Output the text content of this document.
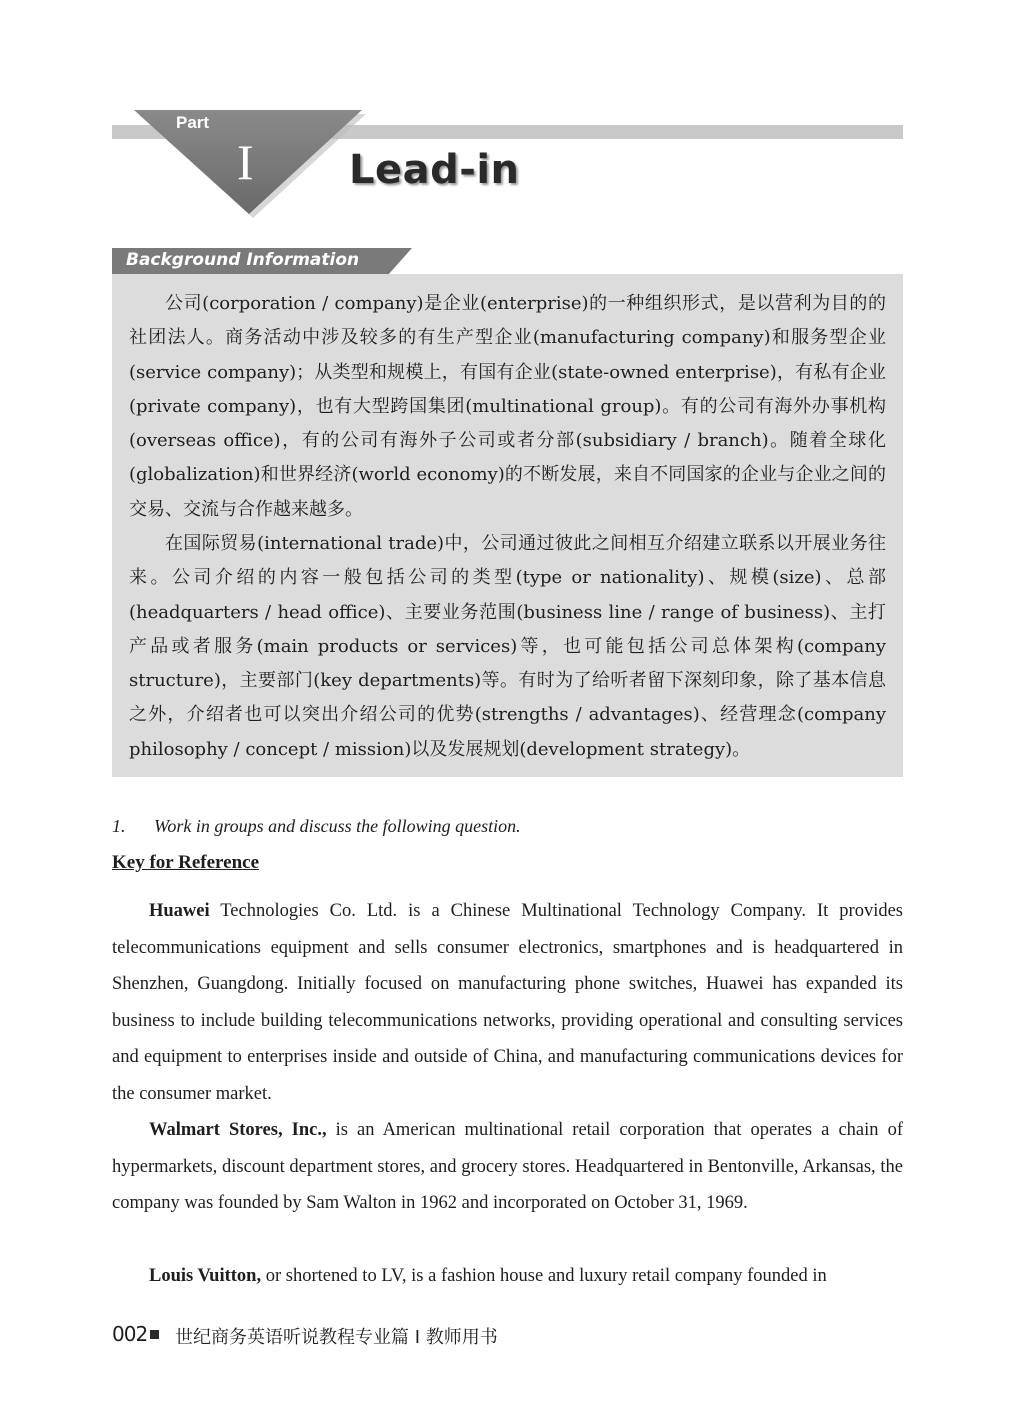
Part
I Lead-in
Background Information
公司(corporation / company)是企业(enterprise)的一种组织形式，是以营利为目的的社团法人。商务活动中涉及较多的有生产型企业(manufacturing company)和服务型企业(service company)；从类型和规模上，有国有企业(state-owned enterprise)，有私有企业(private company)，也有大型跨国集团(multinational group)。有的公司有海外办事机构(overseas office)，有的公司有海外子公司或者分部(subsidiary / branch)。随着全球化(globalization)和世界经济(world economy)的不断发展，来自不同国家的企业与企业之间的交易、交流与合作越来越多。
在国际贸易(international trade)中，公司通过彼此之间相互介绍建立联系以开展业务往来。公司介绍的内容一般包括公司的类型(type or nationality)、规模(size)、总部(headquarters / head office)、主要业务范围(business line / range of business)、主打产品或者服务(main products or services)等，也可能包括公司总体架构(company structure)，主要部门(key departments)等。有时为了给听者留下深刻印象，除了基本信息之外，介绍者也可以突出介绍公司的优势(strengths / advantages)、经营理念(company philosophy / concept / mission)以及发展规划(development strategy)。
1. Work in groups and discuss the following question.
Key for Reference
Huawei Technologies Co. Ltd. is a Chinese Multinational Technology Company. It provides telecommunications equipment and sells consumer electronics, smartphones and is headquartered in Shenzhen, Guangdong. Initially focused on manufacturing phone switches, Huawei has expanded its business to include building telecommunications networks, providing operational and consulting services and equipment to enterprises inside and outside of China, and manufacturing communications devices for the consumer market.
Walmart Stores, Inc., is an American multinational retail corporation that operates a chain of hypermarkets, discount department stores, and grocery stores. Headquartered in Bentonville, Arkansas, the company was founded by Sam Walton in 1962 and incorporated on October 31, 1969.
Louis Vuitton, or shortened to LV, is a fashion house and luxury retail company founded in
002 世纪商务英语听说教程专业篇 I 教师用书
